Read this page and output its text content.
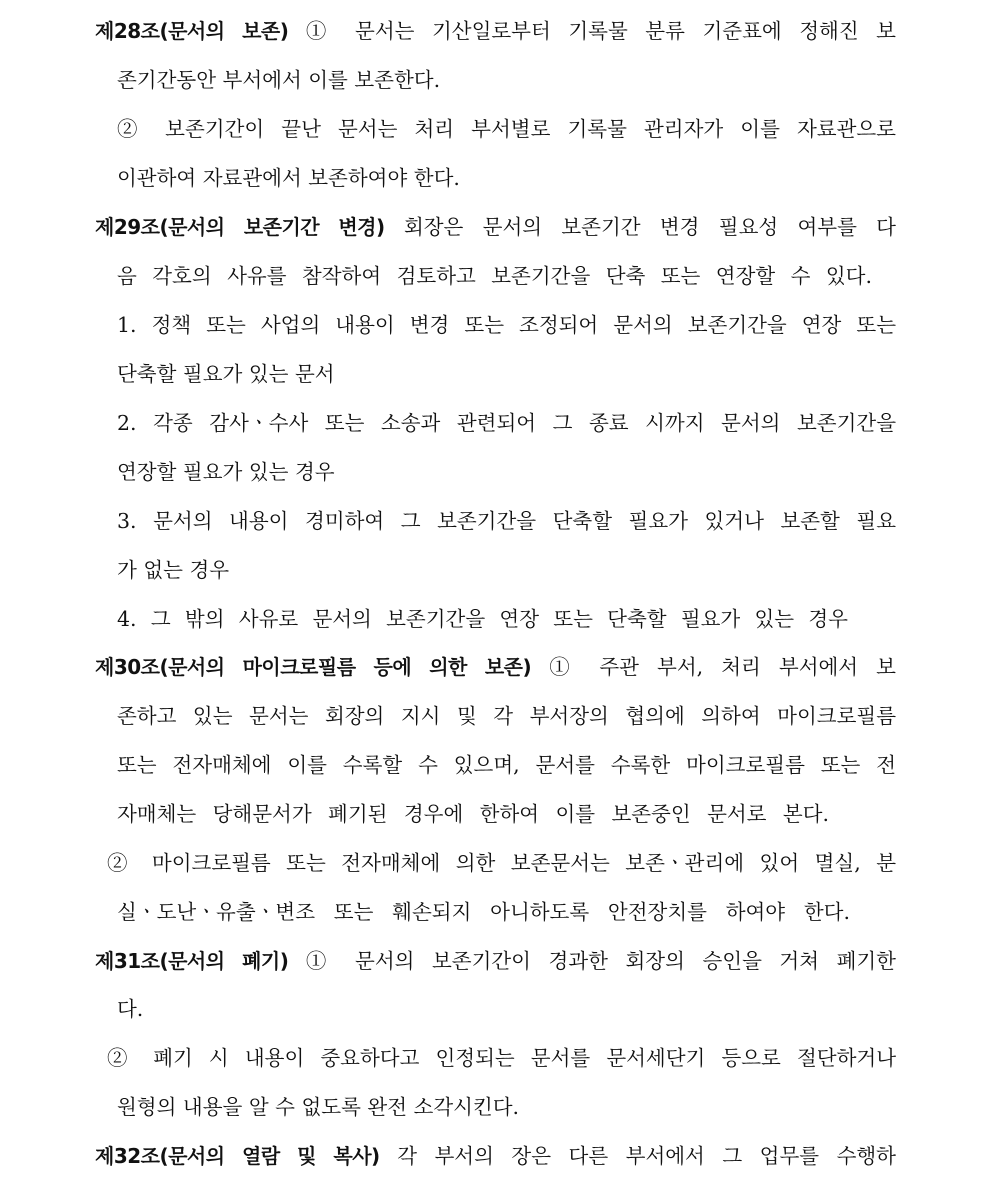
제28조(문서의 보존) ① 문서는 기산일로부터 기록물 분류 기준표에 정해진 보
존기간동안 부서에서 이를 보존한다.
② 보존기간이 끝난 문서는 처리 부서별로 기록물 관리자가 이를 자료관으로
이관하여 자료관에서 보존하여야 한다.
제29조(문서의 보존기간 변경) 회장은 문서의 보존기간 변경 필요성 여부를 다
음 각호의 사유를 참작하여 검토하고 보존기간을 단축 또는 연장할 수 있다.
1. 정책 또는 사업의 내용이 변경 또는 조정되어 문서의 보존기간을 연장 또는
단축할 필요가 있는 문서
2. 각종 감사ㆍ수사 또는 소송과 관련되어 그 종료 시까지 문서의 보존기간을
연장할 필요가 있는 경우
3. 문서의 내용이 경미하여 그 보존기간을 단축할 필요가 있거나 보존할 필요
가 없는 경우
4. 그 밖의 사유로 문서의 보존기간을 연장 또는 단축할 필요가 있는 경우
제30조(문서의 마이크로필름 등에 의한 보존) ① 주관 부서, 처리 부서에서 보
존하고 있는 문서는 회장의 지시 및 각 부서장의 협의에 의하여 마이크로필름
또는 전자매체에 이를 수록할 수 있으며, 문서를 수록한 마이크로필름 또는 전
자매체는 당해문서가 폐기된 경우에 한하여 이를 보존중인 문서로 본다.
② 마이크로필름 또는 전자매체에 의한 보존문서는 보존ㆍ관리에 있어 멸실, 분
실ㆍ도난ㆍ유출ㆍ변조 또는 훼손되지 아니하도록 안전장치를 하여야 한다.
제31조(문서의 폐기) ① 문서의 보존기간이 경과한 회장의 승인을 거쳐 폐기한
다.
② 폐기 시 내용이 중요하다고 인정되는 문서를 문서세단기 등으로 절단하거나
원형의 내용을 알 수 없도록 완전 소각시킨다.
제32조(문서의 열람 및 복사) 각 부서의 장은 다른 부서에서 그 업무를 수행하
